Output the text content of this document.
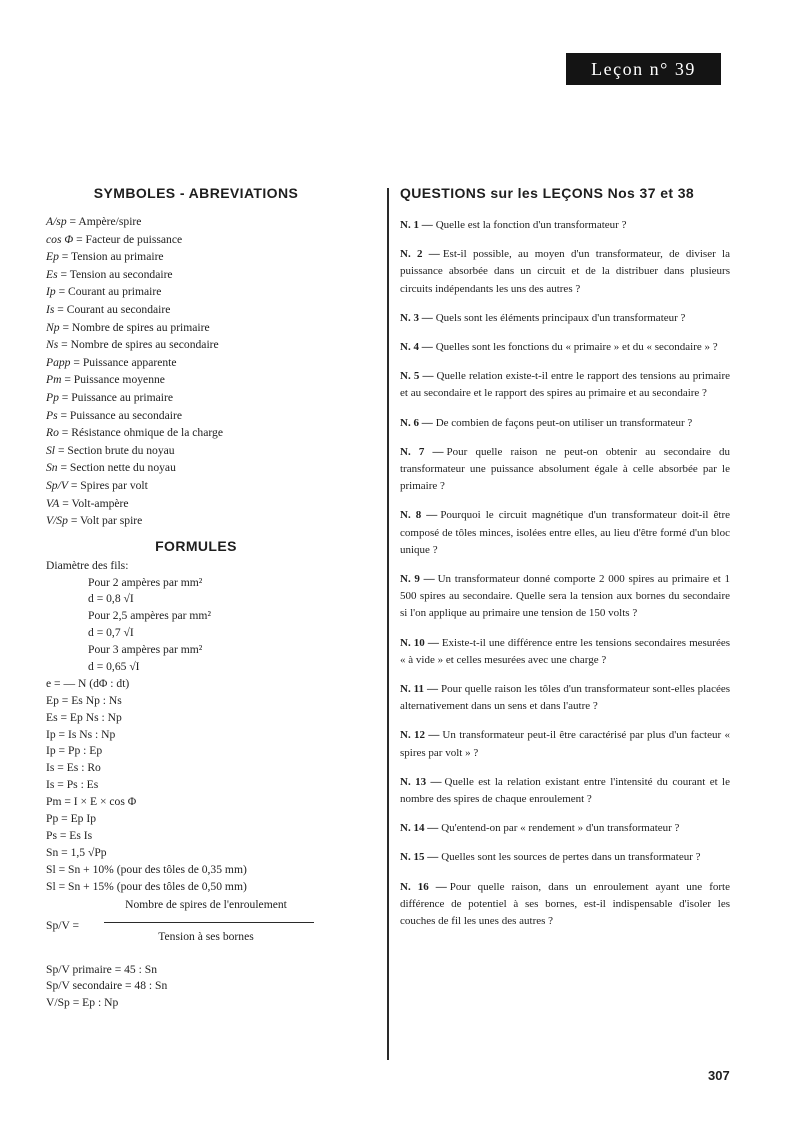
Leçon n° 39
SYMBOLES - ABREVIATIONS
A/sp = Ampère/spire
cos Φ = Facteur de puissance
Ep = Tension au primaire
Es = Tension au secondaire
Ip = Courant au primaire
Is = Courant au secondaire
Np = Nombre de spires au primaire
Ns = Nombre de spires au secondaire
Papp = Puissance apparente
Pm = Puissance moyenne
Pp = Puissance au primaire
Ps = Puissance au secondaire
Ro = Résistance ohmique de la charge
Sl = Section brute du noyau
Sn = Section nette du noyau
Sp/V = Spires par volt
VA = Volt-ampère
V/Sp = Volt par spire
FORMULES
Diamètre des fils:
Pour 2 ampères par mm²
d = 0,8 √I
Pour 2,5 ampères par mm²
d = 0,7 √I
Pour 3 ampères par mm²
d = 0,65 √I
e = — N (dΦ : dt)
Ep = Es Np : Ns
Es = Ep Ns : Np
Ip = Is Ns : Np
Ip = Pp : Ep
Is = Es : Ro
Is = Ps : Es
Pm = I × E × cos Φ
Pp = Ep Ip
Ps = Es Is
Sn = 1,5 √Pp
Sl = Sn + 10% (pour des tôles de 0,35 mm)
Sl = Sn + 15% (pour des tôles de 0,50 mm)
Sp/V =
Nombre de spires de l'enroulement
Tension à ses bornes
Sp/V primaire = 45 : Sn
Sp/V secondaire = 48 : Sn
V/Sp = Ep : Np
QUESTIONS sur les LEÇONS Nos 37 et 38
N. 1 — Quelle est la fonction d'un transformateur ?
N. 2 — Est-il possible, au moyen d'un transformateur, de diviser la puissance absorbée dans un circuit et de la distribuer dans plusieurs circuits indépendants les uns des autres ?
N. 3 — Quels sont les éléments principaux d'un transformateur ?
N. 4 — Quelles sont les fonctions du « primaire » et du « secondaire » ?
N. 5 — Quelle relation existe-t-il entre le rapport des tensions au primaire et au secondaire et le rapport des spires au primaire et au secondaire ?
N. 6 — De combien de façons peut-on utiliser un transformateur ?
N. 7 — Pour quelle raison ne peut-on obtenir au secondaire du transformateur une puissance absolument égale à celle absorbée par le primaire ?
N. 8 — Pourquoi le circuit magnétique d'un transformateur doit-il être composé de tôles minces, isolées entre elles, au lieu d'être formé d'un bloc unique ?
N. 9 — Un transformateur donné comporte 2 000 spires au primaire et 1 500 spires au secondaire. Quelle sera la tension aux bornes du secondaire si l'on applique au primaire une tension de 150 volts ?
N. 10 — Existe-t-il une différence entre les tensions secondaires mesurées « à vide » et celles mesurées avec une charge ?
N. 11 — Pour quelle raison les tôles d'un transformateur sont-elles placées alternativement dans un sens et dans l'autre ?
N. 12 — Un transformateur peut-il être caractérisé par plus d'un facteur « spires par volt » ?
N. 13 — Quelle est la relation existant entre l'intensité du courant et le nombre des spires de chaque enroulement ?
N. 14 — Qu'entend-on par « rendement » d'un transformateur ?
N. 15 — Quelles sont les sources de pertes dans un transformateur ?
N. 16 — Pour quelle raison, dans un enroulement ayant une forte différence de potentiel à ses bornes, est-il indispensable d'isoler les couches de fil les unes des autres ?
307
